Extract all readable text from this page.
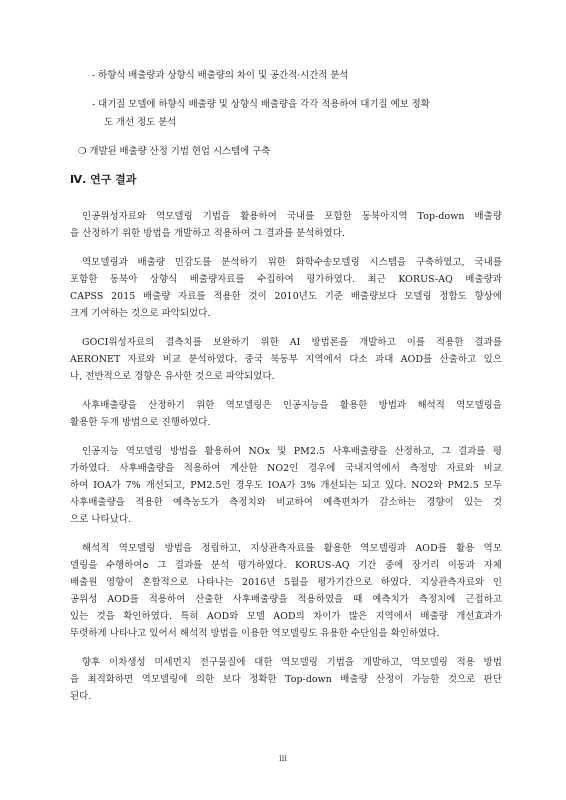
- 하향식 배출량과 상향식 배출량의 차이 및 공간적·시간적 분석
- 대기질 모델에 하향식 배출량 및 상향식 배출량을 각각 적용하여 대기질 예보 정확
도 개선 정도 분석
❍ 개발된 배출량 산정 기법 현업 시스템에 구축
Ⅳ. 연구 결과
인공위성자료와 역모델링 기법을 활용하여 국내를 포함한 동북아지역 Top-down 배출량
을 산정하기 위한 방법을 개발하고 적용하여 그 결과를 분석하였다.
역모델링과 배출량 민감도를 분석하기 위한 화학수송모델링 시스템을 구축하였고, 국내를
포함한 동북아 상향식 배출량자료를 수집하여 평가하였다. 최근 KORUS-AQ 배출량과
CAPSS 2015 배출량 자료를 적용한 것이 2010년도 기준 배출량보다 모델링 정합도 향상에
크게 기여하는 것으로 파악되었다.
GOCI위성자료의 결측치를 보완하기 위한 AI 방법론을 개발하고 이를 적용한 결과를
AERONET 자료와 비교 분석하였다. 중국 북동부 지역에서 다소 과대 AOD를 산출하고 있으
나, 전반적으로 경향은 유사한 것으로 파악되었다.
사후배출량을 산정하기 위한 역모델링은 인공지능을 활용한 방법과 해석적 역모델링을
활용한 두개 방법으로 진행하였다.
인공지능 역모델링 방법을 활용하여 NOx 및 PM2.5 사후배출량을 산정하고, 그 결과를 평
가하였다. 사후배출량을 적용하여 계산한 NO2인 경우에 국내지역에서 측정망 자료와 비교
하여 IOA가 7% 개선되고, PM2.5인 경우도 IOA가 3% 개선되는 되고 있다. NO2와 PM2.5 모두
사후배출량을 적용한 예측농도가 측정치와 비교하여 예측편차가 감소하는 경향이 있는 것
으로 나타났다.
해석적 역모델링 방법을 정립하고, 지상관측자료를 활용한 역모델링과 AOD를 활용 역모
델링을 수행하여ᴑ 그 결과를 분석 평가하였다. KORUS-AQ 기간 중에 장거리 이동과 자체
배출원 영향이 혼합적으로 나타나는 2016년 5월을 평가기간으로 하였다. 지상관측자료와 인
공위성 AOD를 적용하여 산출한 사후배출량을 적용하였을 때 예측치가 측정치에 근접하고
있는 것을 확인하였다. 특히 AOD와 모델 AOD의 차이가 많은 지역에서 배출량 개선효과가
뚜렷하게 나타나고 있어서 해석적 방법을 이용한 역모델링도 유용한 수단임을 확인하였다.
향후 이차생성 미세먼지 전구물질에 대한 역모델링 기법을 개발하고, 역모델링 적용 방법
을 최적화하면 역모델링에 의한 보다 정확한 Top-down 배출량 산정이 가능한 것으로 판단
된다.
iii
